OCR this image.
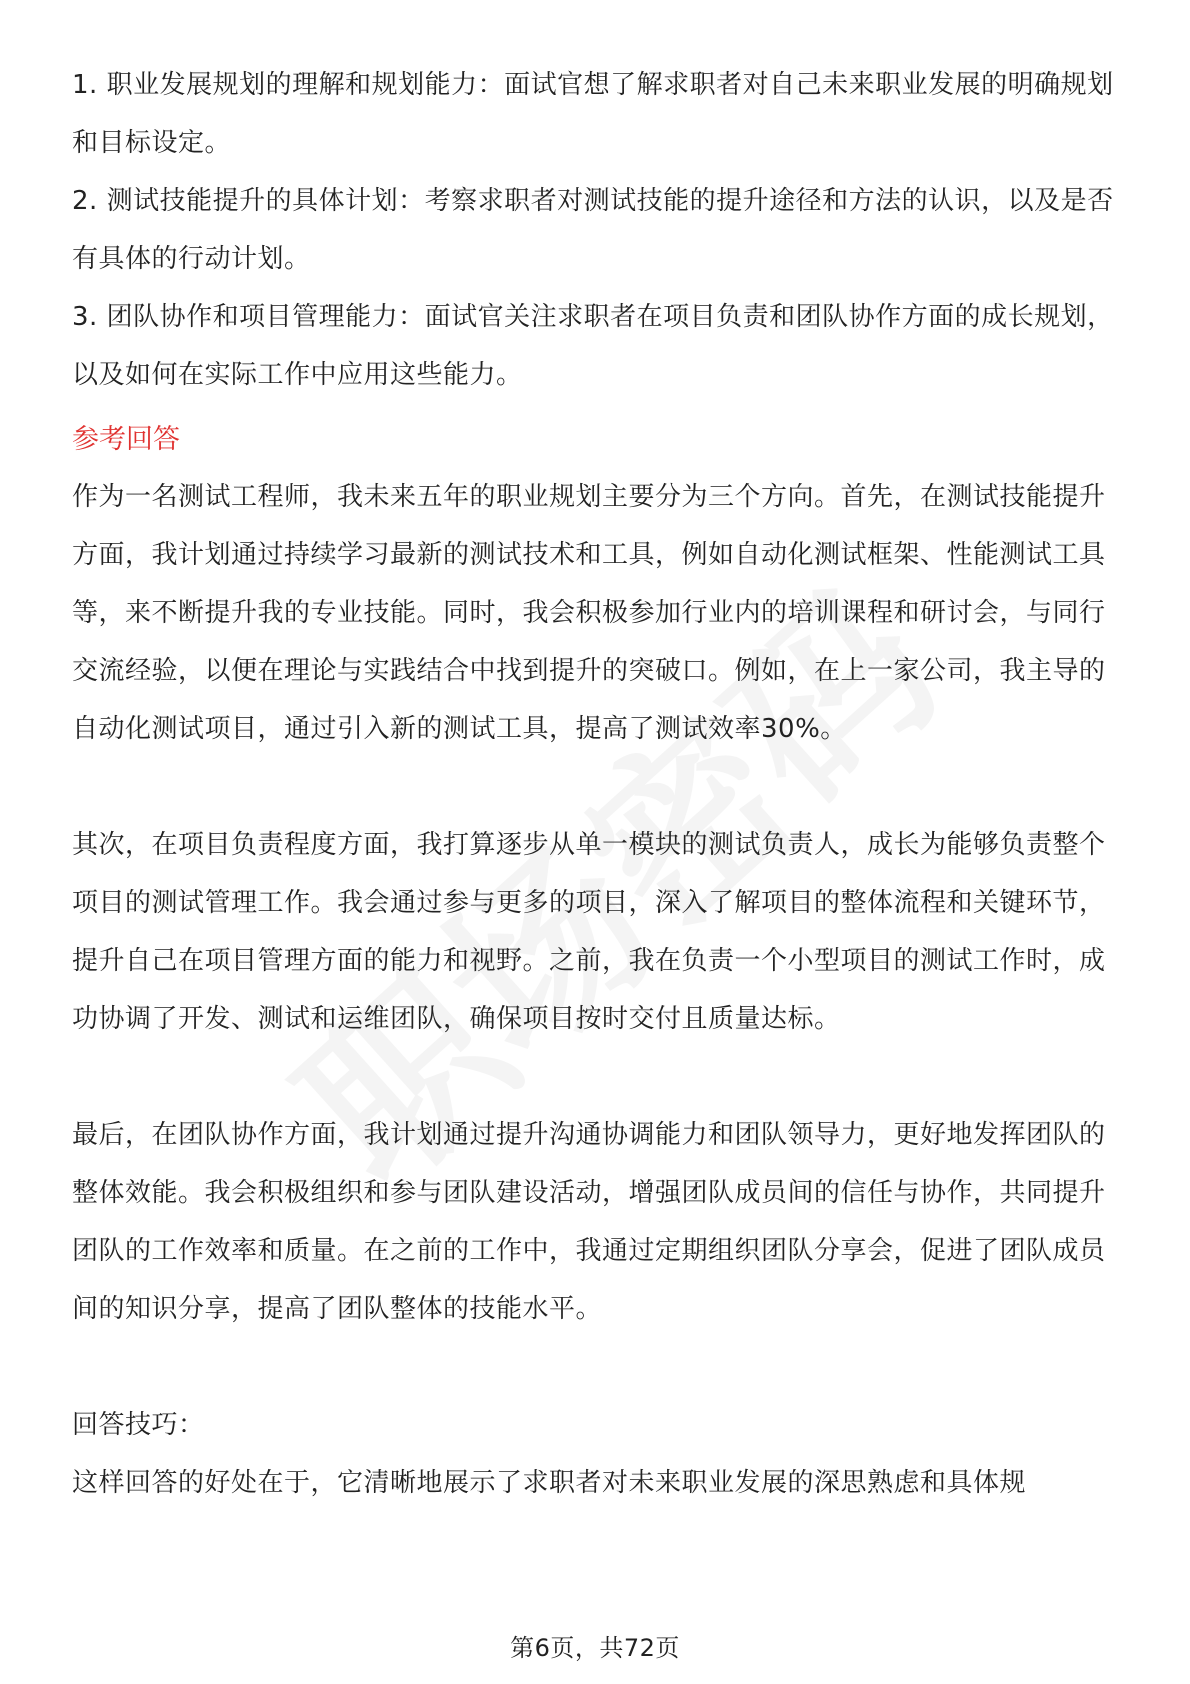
1. 职业发展规划的理解和规划能力：面试官想了解求职者对自己未来职业发展的明确规划和目标设定。

2. 测试技能提升的具体计划：考察求职者对测试技能的提升途径和方法的认识，以及是否有具体的行动计划。

3. 团队协作和项目管理能力：面试官关注求职者在项目负责和团队协作方面的成长规划，以及如何在实际工作中应用这些能力。

参考回答

作为一名测试工程师，我未来五年的职业规划主要分为三个方向。首先，在测试技能提升方面，我计划通过持续学习最新的测试技术和工具，例如自动化测试框架、性能测试工具等，来不断提升我的专业技能。同时，我会积极参加行业内的培训课程和研讨会，与同行交流经验，以便在理论与实践结合中找到提升的突破口。例如，在上一家公司，我主导的自动化测试项目，通过引入新的测试工具，提高了测试效率30%。

其次，在项目负责程度方面，我打算逐步从单一模块的测试负责人，成长为能够负责整个项目的测试管理工作。我会通过参与更多的项目，深入了解项目的整体流程和关键环节，提升自己在项目管理方面的能力和视野。之前，我在负责一个小型项目的测试工作时，成功协调了开发、测试和运维团队，确保项目按时交付且质量达标。

最后，在团队协作方面，我计划通过提升沟通协调能力和团队领导力，更好地发挥团队的整体效能。我会积极组织和参与团队建设活动，增强团队成员间的信任与协作，共同提升团队的工作效率和质量。在之前的工作中，我通过定期组织团队分享会，促进了团队成员间的知识分享，提高了团队整体的技能水平。

回答技巧：

这样回答的好处在于，它清晰地展示了求职者对未来职业发展的深思熟虑和具体规

第6页，共72页
